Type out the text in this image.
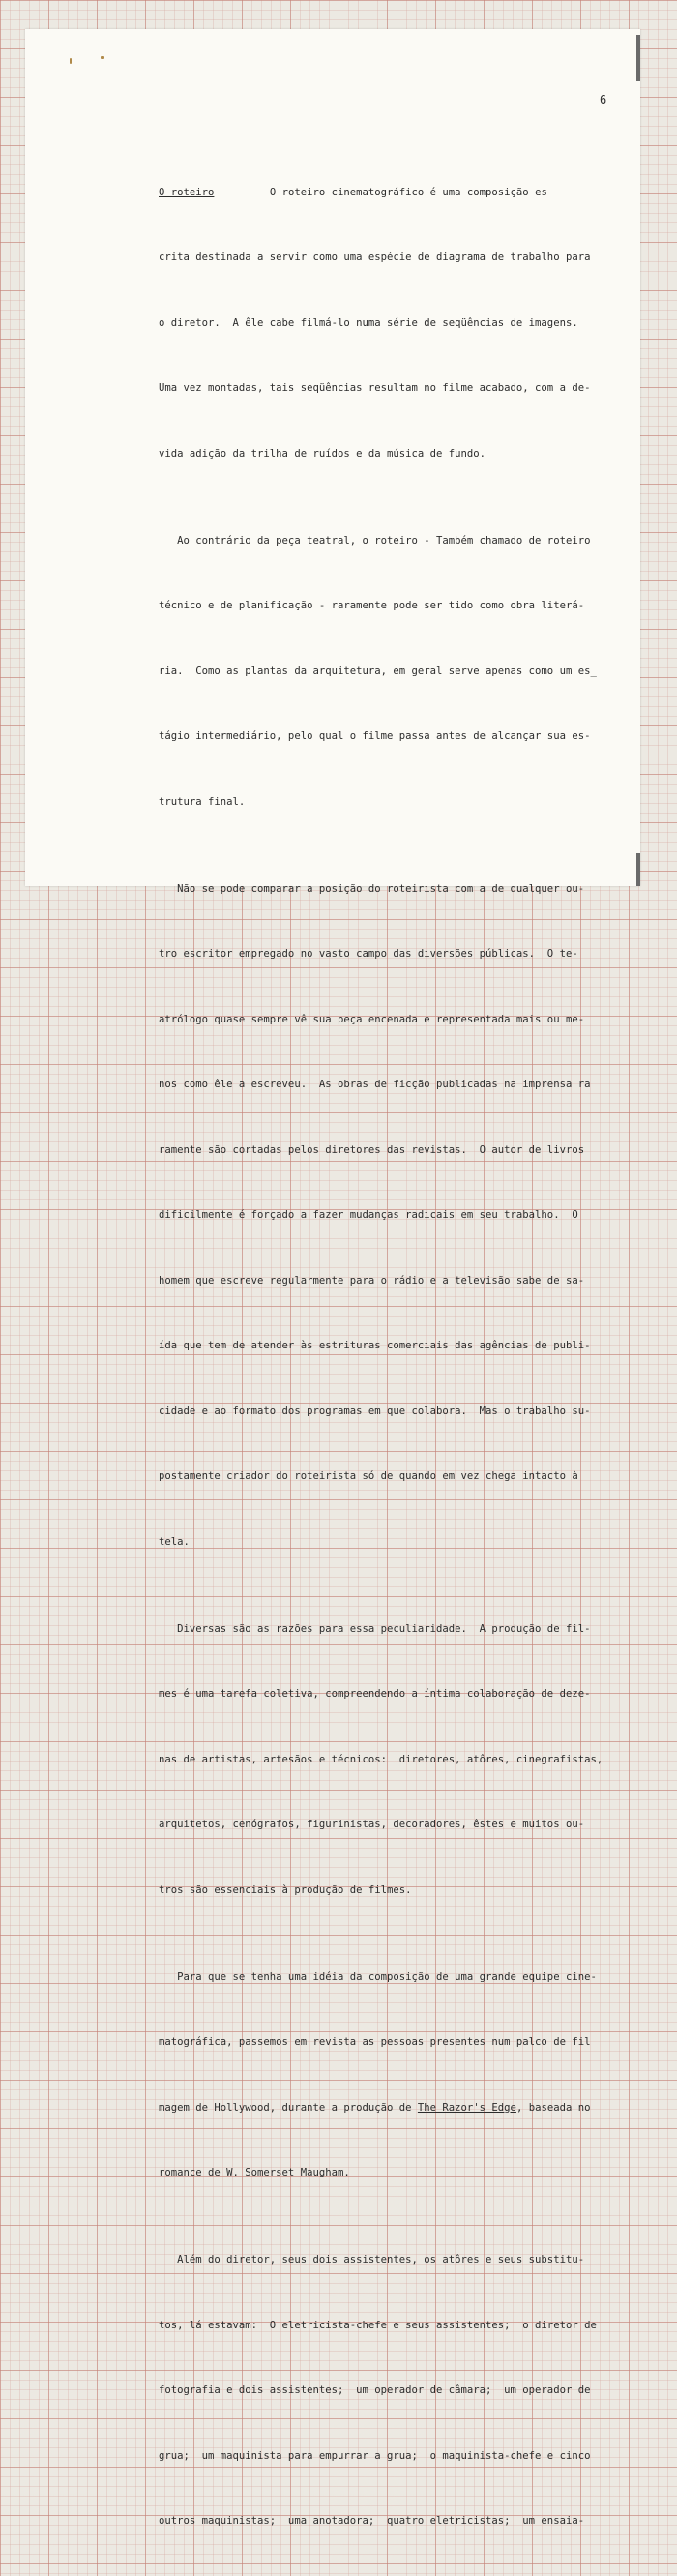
6

O roteiro	O roteiro cinematográfico é uma composição es

crita destinada a servir como uma espécie de diagrama de trabalho para

o diretor.  A êle cabe filmá-lo numa série de seqüências de imagens.

Uma vez montadas, tais seqüências resultam no filme acabado, com a de-

vida adição da trilha de ruídos e da música de fundo.

Ao contrário da peça teatral, o roteiro - Também chamado de roteiro

técnico e de planificação - raramente pode ser tido como obra literá-

ria.  Como as plantas da arquitetura, em geral serve apenas como um es_

tágio intermediário, pelo qual o filme passa antes de alcançar sua es-

trutura final.

Não se pode comparar a posição do roteirista com a de qualquer ou-

tro escritor empregado no vasto campo das diversões públicas.  O te-

atrólogo quase sempre vê sua peça encenada e representada mais ou me-

nos como êle a escreveu.  As obras de ficção publicadas na imprensa ra

ramente são cortadas pelos diretores das revistas.  O autor de livros

dificilmente é forçado a fazer mudanças radicais em seu trabalho.  O

homem que escreve regularmente para o rádio e a televisão sabe de sa-

ída que tem de atender às estrituras comerciais das agências de publi-

cidade e ao formato dos programas em que colabora.  Mas o trabalho su-

postamente criador do roteirista só de quando em vez chega intacto à

tela.

Diversas são as razões para essa peculiaridade.  A produção de fil-

mes é uma tarefa coletiva, compreendendo a íntima colaboração de deze-

nas de artistas, artesãos e técnicos:  diretores, atôres, cinegrafistas,

arquitetos, cenógrafos, figurinistas, decoradores, êstes e muitos ou-

tros são essenciais à produção de filmes.

Para que se tenha uma idéia da composição de uma grande equipe cine-

matográfica, passemos em revista as pessoas presentes num palco de fil

magem de Hollywood, durante a produção de The Razor's Edge, baseada no

romance de W. Somerset Maugham.

Além do diretor, seus dois assistentes, os atôres e seus substitu-

tos, lá estavam:  O eletricista-chefe e seus assistentes;  o diretor de

fotografia e dois assistentes;  um operador de câmara;  um operador de

grua;  um maquinista para empurrar a grua;  o maquinista-chefe e cinco

outros maquinistas;  uma anotadora;  quatro eletricistas;  um ensaia-
